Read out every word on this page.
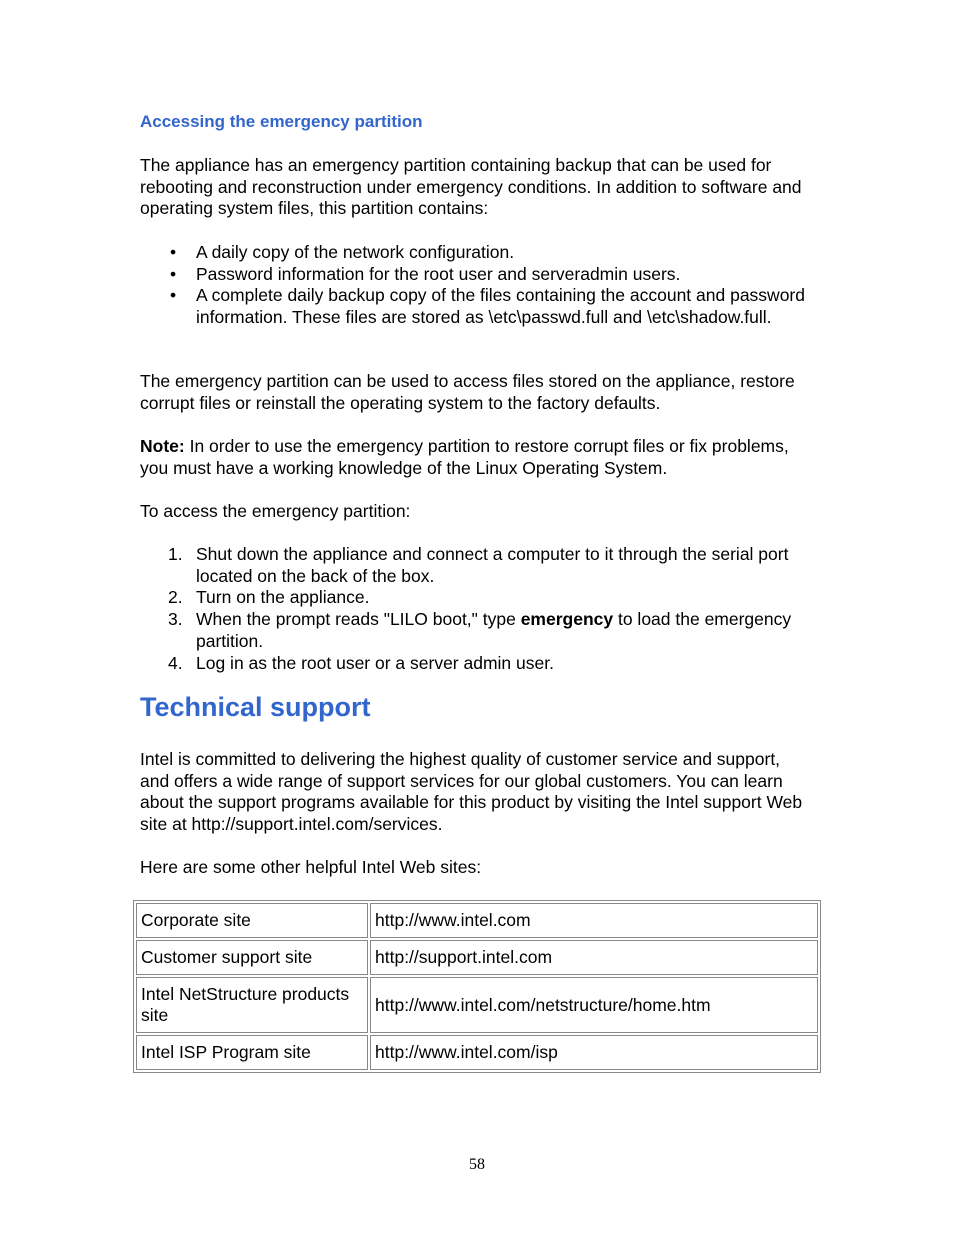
Accessing the emergency partition

The appliance has an emergency partition containing backup that can be used for rebooting and reconstruction under emergency conditions. In addition to software and operating system files, this partition contains:

• A daily copy of the network configuration.
• Password information for the root user and serveradmin users.
• A complete daily backup copy of the files containing the account and password information. These files are stored as \etc\passwd.full and \etc\shadow.full.

The emergency partition can be used to access files stored on the appliance, restore corrupt files or reinstall the operating system to the factory defaults.

Note: In order to use the emergency partition to restore corrupt files or fix problems, you must have a working knowledge of the Linux Operating System.

To access the emergency partition:

1. Shut down the appliance and connect a computer to it through the serial port located on the back of the box.
2. Turn on the appliance.
3. When the prompt reads "LILO boot," type emergency to load the emergency partition.
4. Log in as the root user or a server admin user.
Technical support

Intel is committed to delivering the highest quality of customer service and support, and offers a wide range of support services for our global customers. You can learn about the support programs available for this product by visiting the Intel support Web site at http://support.intel.com/services.

Here are some other helpful Intel Web sites:

Corporate site	http://www.intel.com
Customer support site	http://support.intel.com
Intel NetStructure products site	http://www.intel.com/netstructure/home.htm
Intel ISP Program site	http://www.intel.com/isp
58
